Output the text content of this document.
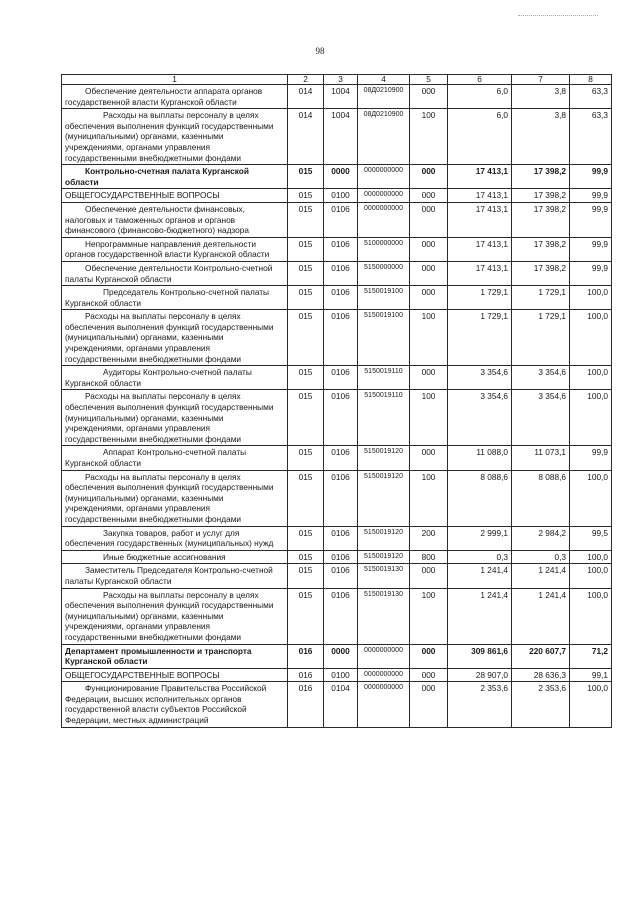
98
1	2	3	4	5	6	7	8
Обеспечение деятельности аппарата органов государственной власти Курганской области	014	1004	08Д0210900	000	6,0	3,8	63,3
Расходы на выплаты персоналу в целях обеспечения выполнения функций государственными (муниципальными) органами, казенными учреждениями, органами управления государственными внебюджетными фондами	014	1004	08Д0210900	100	6,0	3,8	63,3
Контрольно-счетная палата Курганской области	015	0000	0000000000	000	17 413,1	17 398,2	99,9
ОБЩЕГОСУДАРСТВЕННЫЕ ВОПРОСЫ	015	0100	0000000000	000	17 413,1	17 398,2	99,9
Обеспечение деятельности финансовых, налоговых и таможенных органов и органов финансового (финансово-бюджетного) надзора	015	0106	0000000000	000	17 413,1	17 398,2	99,9
Непрограммные направления деятельности органов государственной власти Курганской области	015	0106	5100000000	000	17 413,1	17 398,2	99,9
Обеспечение деятельности Контрольно-счетной палаты Курганской области	015	0106	5150000000	000	17 413,1	17 398,2	99,9
Председатель Контрольно-счетной палаты Курганской области	015	0106	5150019100	000	1 729,1	1 729,1	100,0
Расходы на выплаты персоналу в целях обеспечения выполнения функций государственными (муниципальными) органами, казенными учреждениями, органами управления государственными внебюджетными фондами	015	0106	5150019100	100	1 729,1	1 729,1	100,0
Аудиторы Контрольно-счетной палаты Курганской области	015	0106	5150019110	000	3 354,6	3 354,6	100,0
Расходы на выплаты персоналу в целях обеспечения выполнения функций государственными (муниципальными) органами, казенными учреждениями, органами управления государственными внебюджетными фондами	015	0106	5150019110	100	3 354,6	3 354,6	100,0
Аппарат Контрольно-счетной палаты Курганской области	015	0106	5150019120	000	11 088,0	11 073,1	99,9
Расходы на выплаты персоналу в целях обеспечения выполнения функций государственными (муниципальными) органами, казенными учреждениями, органами управления государственными внебюджетными фондами	015	0106	5150019120	100	8 088,6	8 088,6	100,0
Закупка товаров, работ и услуг для обеспечения государственных (муниципальных) нужд	015	0106	5150019120	200	2 999,1	2 984,2	99,5
Иные бюджетные ассигнования	015	0106	5150019120	800	0,3	0,3	100,0
Заместитель Председателя Контрольно-счетной палаты Курганской области	015	0106	5150019130	000	1 241,4	1 241,4	100,0
Расходы на выплаты персоналу в целях обеспечения выполнения функций государственными (муниципальными) органами, казенными учреждениями, органами управления государственными внебюджетными фондами	015	0106	5150019130	100	1 241,4	1 241,4	100,0
Департамент промышленности и транспорта Курганской области	016	0000	0000000000	000	309 861,6	220 607,7	71,2
ОБЩЕГОСУДАРСТВЕННЫЕ ВОПРОСЫ	016	0100	0000000000	000	28 907,0	28 636,3	99,1
Функционирование Правительства Российской Федерации, высших исполнительных органов государственной власти субъектов Российской Федерации, местных администраций	016	0104	0000000000	000	2 353,6	2 353,6	100,0
